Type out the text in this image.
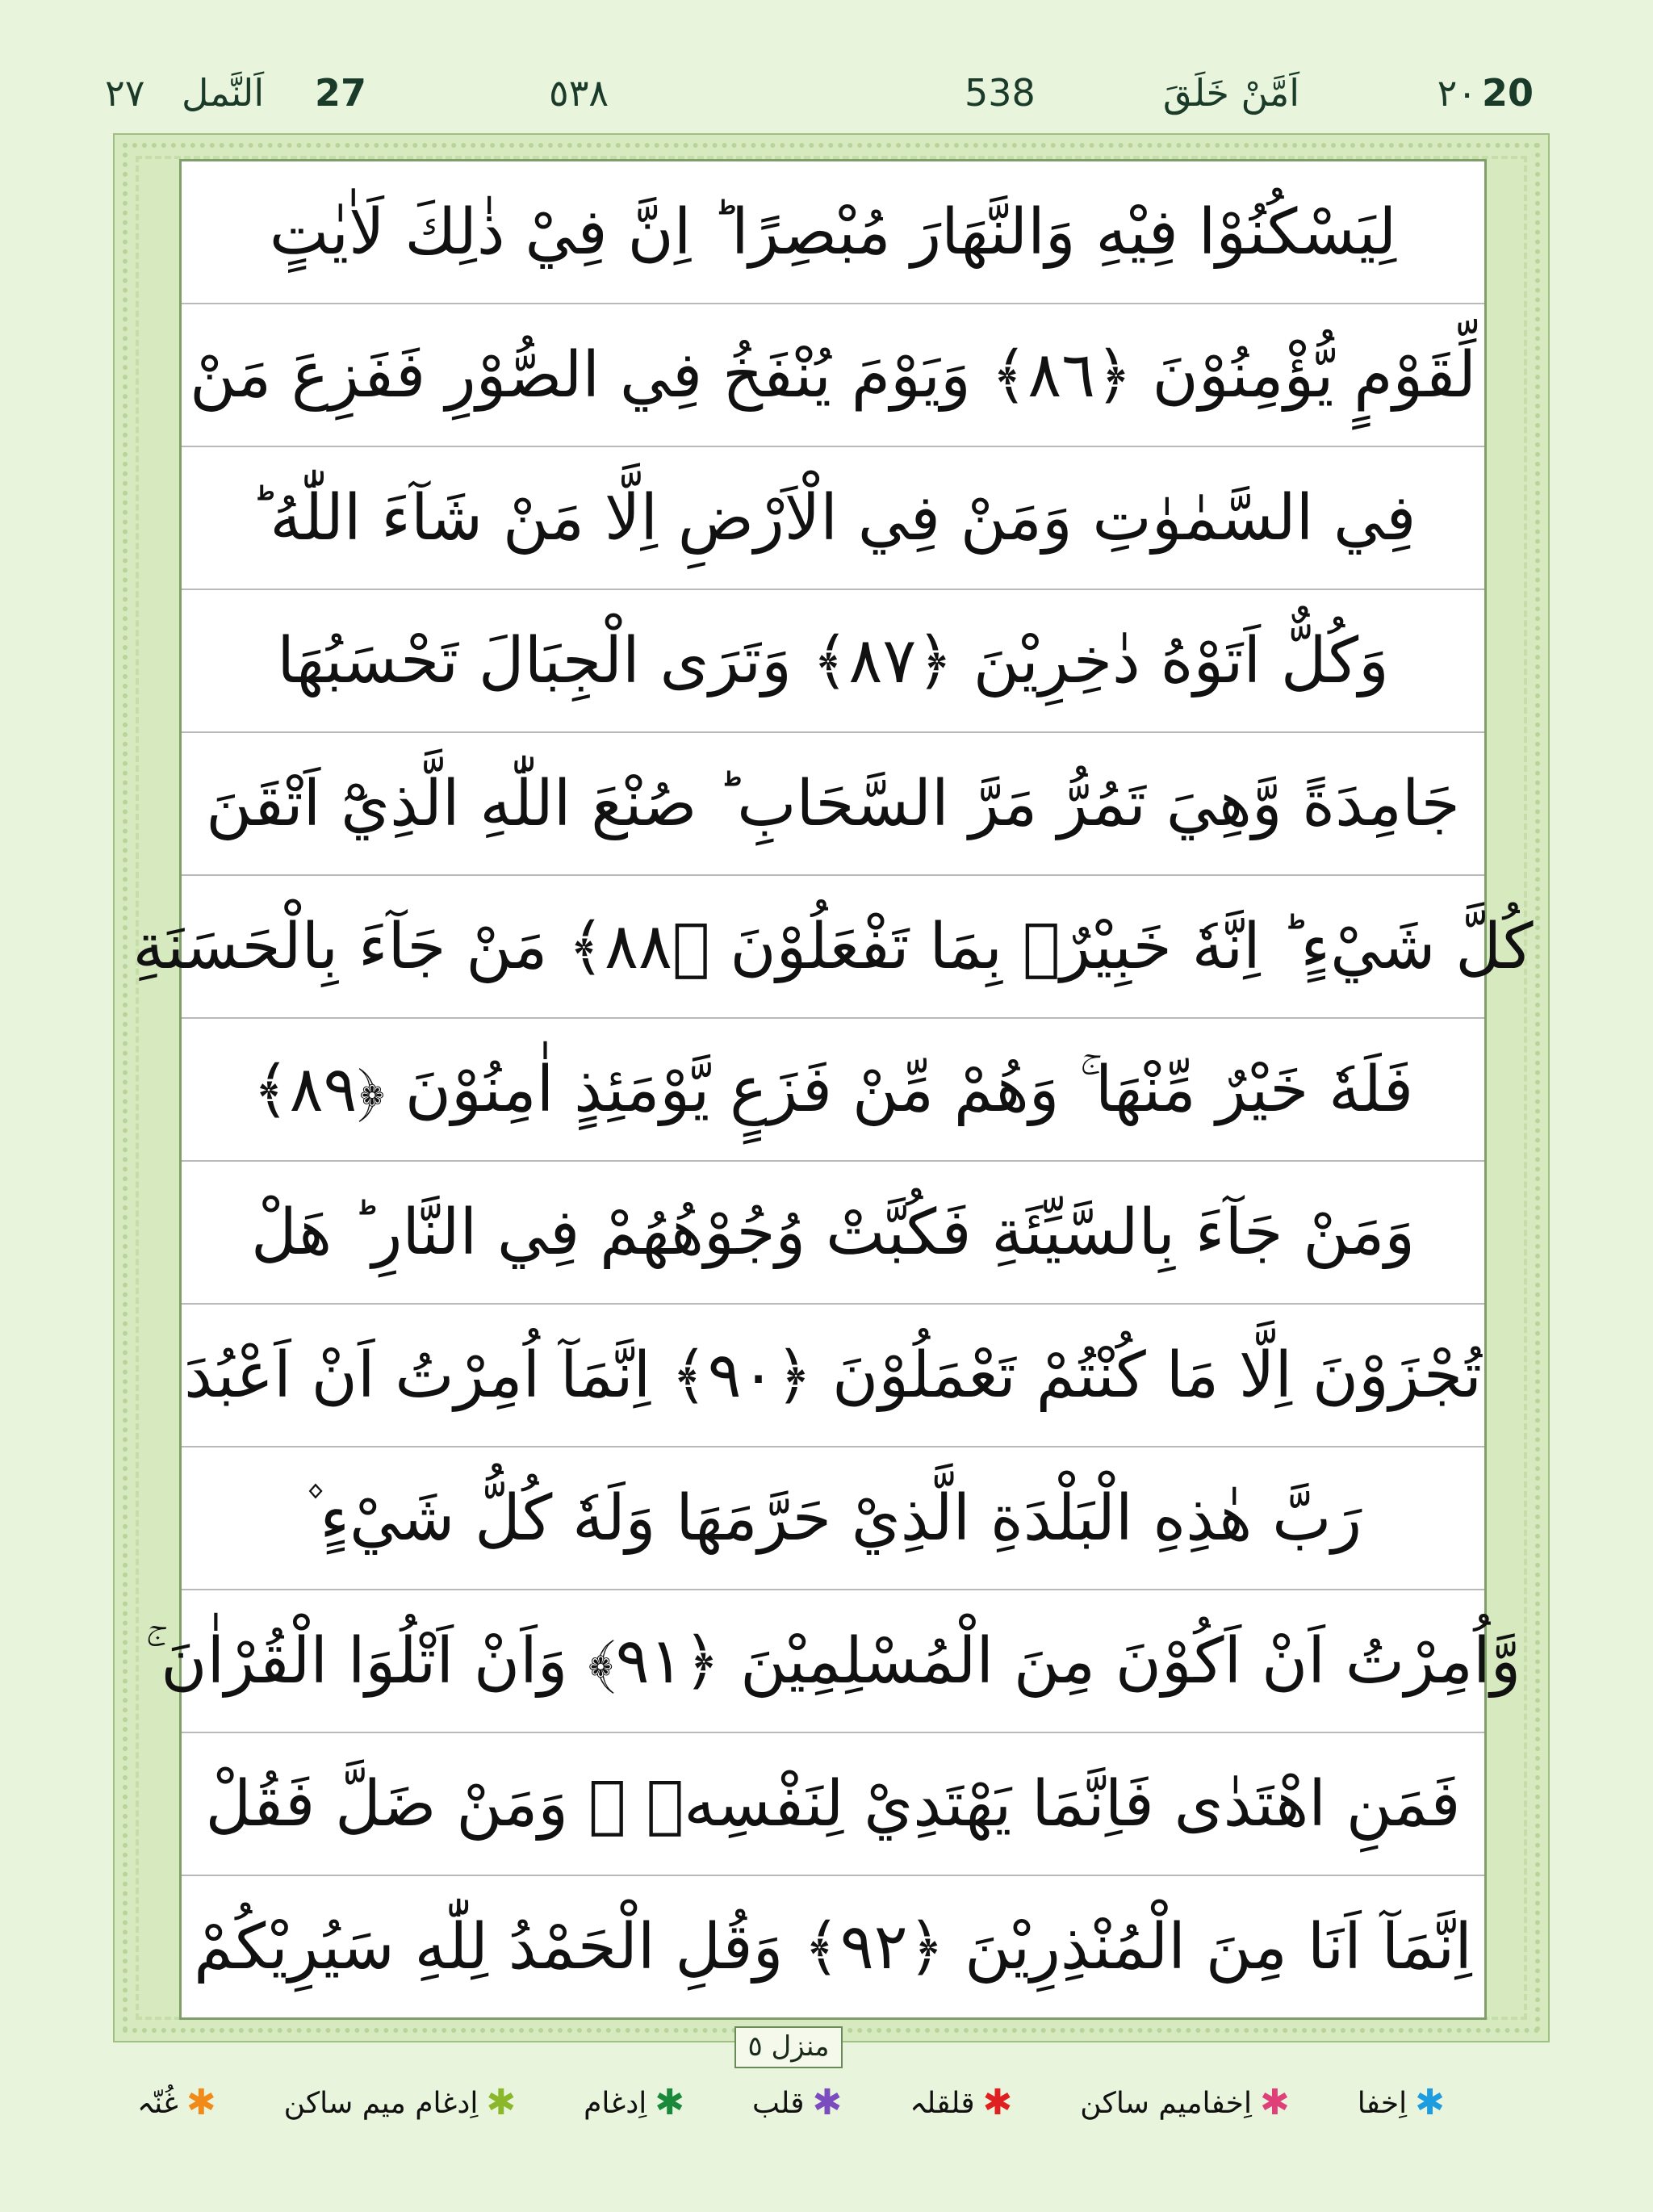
20
اَمَّنْ خَلَقَ	٢٠
538
٥٣٨
27
اَلنَّمل
٢٧
لِيَسْكُنُوْا فِيْهِ وَالنَّهَارَ مُبْصِرًا ؕ اِنَّ فِيْ ذٰلِكَ لَاٰيٰتٍ
لِّقَوْمٍ يُّؤْمِنُوْنَ ﴿٨٦﴾ وَيَوْمَ يُنْفَخُ فِي الصُّوْرِ فَفَزِعَ مَنْ
فِي السَّمٰوٰتِ وَمَنْ فِي الْاَرْضِ اِلَّا مَنْ شَآءَ اللّٰهُ ؕ
وَكُلٌّ اَتَوْهُ دٰخِرِيْنَ ﴿٨٧﴾ وَتَرَى الْجِبَالَ تَحْسَبُهَا
جَامِدَةً وَّهِيَ تَمُرُّ مَرَّ السَّحَابِ ؕ صُنْعَ اللّٰهِ الَّذِيْٓ اَتْقَنَ
كُلَّ شَيْءٍ ؕ اِنَّهٗ خَبِيْرٌۢ بِمَا تَفْعَلُوْنَ ﴿٨٨﴾ مَنْ جَآءَ بِالْحَسَنَةِ
فَلَهٗ خَيْرٌ مِّنْهَا ۚ وَهُمْ مِّنْ فَزَعٍ يَّوْمَئِذٍ اٰمِنُوْنَ ﴿٨٩﴾
وَمَنْ جَآءَ بِالسَّيِّئَةِ فَكُبَّتْ وُجُوْهُهُمْ فِي النَّارِ ؕ هَلْ
تُجْزَوْنَ اِلَّا مَا كُنْتُمْ تَعْمَلُوْنَ ﴿٩٠﴾ اِنَّمَآ اُمِرْتُ اَنْ اَعْبُدَ
رَبَّ هٰذِهِ الْبَلْدَةِ الَّذِيْ حَرَّمَهَا وَلَهٗ كُلُّ شَيْءٍ ۫
وَّاُمِرْتُ اَنْ اَكُوْنَ مِنَ الْمُسْلِمِيْنَ ﴿٩١﴾ وَاَنْ اَتْلُوَا الْقُرْاٰنَ ۚ
فَمَنِ اهْتَدٰى فَاِنَّمَا يَهْتَدِيْ لِنَفْسِهٖ ۚ وَمَنْ ضَلَّ فَقُلْ
اِنَّمَآ اَنَا مِنَ الْمُنْذِرِيْنَ ﴿٩٢﴾ وَقُلِ الْحَمْدُ لِلّٰهِ سَيُرِيْكُمْ
منزل ٥
✱
اِخفا
✱
اِخفامیم ساکن
✱
قلقلہ
✱
قلب
✱
اِدغام
✱
اِدغام میم ساکن
✱
غُنّہ
